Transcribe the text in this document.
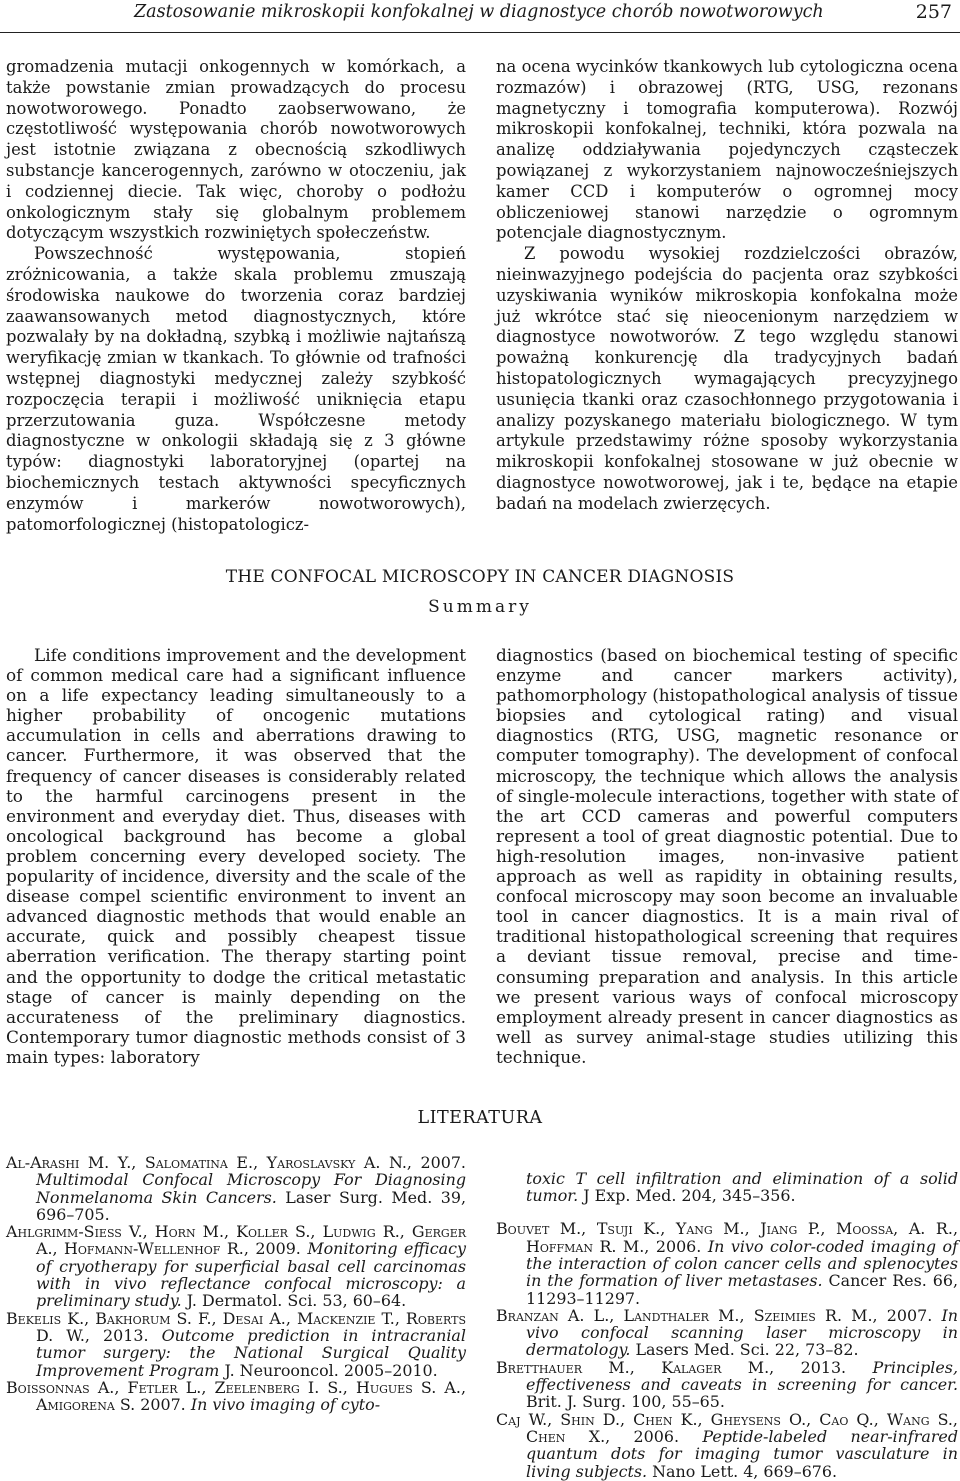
Zastosowanie mikroskopii konfokalnej w diagnostyce chorób nowotworowych	257

gromadzenia mutacji onkogennych w komórkach, a także powstanie zmian prowadzących do procesu nowotworowego. Ponadto zaobserwowano, że częstotliwość występowania chorób nowotworowych jest istotnie związana z obecnością szkodliwych substancje kancerogennych, zarówno w otoczeniu, jak i codziennej diecie. Tak więc, choroby o podłożu onkologicznym stały się globalnym problemem dotyczącym wszystkich rozwiniętych społeczeństw.

Powszechność występowania, stopień zróżnicowania, a także skala problemu zmuszają środowiska naukowe do tworzenia coraz bardziej zaawansowanych metod diagnostycznych, które pozwalały by na dokładną, szybką i możliwie najtańszą weryfikację zmian w tkankach. To głównie od trafności wstępnej diagnostyki medycznej zależy szybkość rozpoczęcia terapii i możliwość uniknięcia etapu przerzutowania guza. Współczesne metody diagnostyczne w onkologii składają się z 3 główne typów: diagnostyki laboratoryjnej (opartej na biochemicznych testach aktywności specyficznych enzymów i markerów nowotworowych), patomorfologicznej (histopatologicz-

na ocena wycinków tkankowych lub cytologiczna ocena rozmazów) i obrazowej (RTG, USG, rezonans magnetyczny i tomografia komputerowa). Rozwój mikroskopii konfokalnej, techniki, która pozwala na analizę oddziaływania pojedynczych cząsteczek powiązanej z wykorzystaniem najnowocześniejszych kamer CCD i komputerów o ogromnej mocy obliczeniowej stanowi narzędzie o ogromnym potencjale diagnostycznym.

Z powodu wysokiej rozdzielczości obrazów, nieinwazyjnego podejścia do pacjenta oraz szybkości uzyskiwania wyników mikroskopia konfokalna może już wkrótce stać się nieocenionym narzędziem w diagnostyce nowotworów. Z tego względu stanowi poważną konkurencję dla tradycyjnych badań histopatologicznych wymagających precyzyjnego usunięcia tkanki oraz czasochłonnego przygotowania i analizy pozyskanego materiału biologicznego. W tym artykule przedstawimy różne sposoby wykorzystania mikroskopii konfokalnej stosowane w już obecnie w diagnostyce nowotworowej, jak i te, będące na etapie badań na modelach zwierzęcych.

THE CONFOCAL MICROSCOPY IN CANCER DIAGNOSIS
Summary

Life conditions improvement and the development of common medical care had a significant influence on a life expectancy leading simultaneously to a higher probability of oncogenic mutations accumulation in cells and aberrations drawing to cancer. Furthermore, it was observed that the frequency of cancer diseases is considerably related to the harmful carcinogens present in the environment and everyday diet. Thus, diseases with oncological background has become a global problem concerning every developed society. The popularity of incidence, diversity and the scale of the disease compel scientific environment to invent an advanced diagnostic methods that would enable an accurate, quick and possibly cheapest tissue aberration verification. The therapy starting point and the opportunity to dodge the critical metastatic stage of cancer is mainly depending on the accurateness of the preliminary diagnostics. Contemporary tumor diagnostic methods consist of 3 main types: laboratory

diagnostics (based on biochemical testing of specific enzyme and cancer markers activity), pathomorphology (histopathological analysis of tissue biopsies and cytological rating) and visual diagnostics (RTG, USG, magnetic resonance or computer tomography). The development of confocal microscopy, the technique which allows the analysis of single-molecule interactions, together with state of the art CCD cameras and powerful computers represent a tool of great diagnostic potential. Due to high-resolution images, non-invasive patient approach as well as rapidity in obtaining results, confocal microscopy may soon become an invaluable tool in cancer diagnostics. It is a main rival of traditional histopathological screening that requires a deviant tissue removal, precise and time-consuming preparation and analysis. In this article we present various ways of confocal microscopy employment already present in cancer diagnostics as well as survey animal-stage studies utilizing this technique.

LITERATURA

Al-Arashi M. Y., Salomatina E., Yaroslavsky A. N., 2007. Multimodal Confocal Microscopy For Diagnosing Nonmelanoma Skin Cancers. Laser Surg. Med. 39, 696–705.

Ahlgrimm-Siess V., Horn M., Koller S., Ludwig R., Gerger A., Hofmann-Wellenhof R., 2009. Monitoring efficacy of cryotherapy for superficial basal cell carcinomas with in vivo reflectance confocal microscopy: a preliminary study. J. Dermatol. Sci. 53, 60–64.

Bekelis K., Bakhorum S. F., Desai A., Mackenzie T., Roberts D. W., 2013. Outcome prediction in intracranial tumor surgery: the National Surgical Quality Improvement Program J. Neurooncol. 2005–2010.

Boissonnas A., Fetler L., Zeelenberg I. S., Hugues S. A., Amigorena S. 2007. In vivo imaging of cyto-

toxic T cell infiltration and elimination of a solid tumor. J Exp. Med. 204, 345–356.

Bouvet M., Tsuji K., Yang M., Jiang P., Moossa, A. R., Hoffman R. M., 2006. In vivo color-coded imaging of the interaction of colon cancer cells and splenocytes in the formation of liver metastases. Cancer Res. 66, 11293–11297.

Branzan A. L., Landthaler M., Szeimies R. M., 2007. In vivo confocal scanning laser microscopy in dermatology. Lasers Med. Sci. 22, 73–82.

Bretthauer M., Kalager M., 2013. Principles, effectiveness and caveats in screening for cancer. Brit. J. Surg. 100, 55–65.

Caj W., Shin D., Chen K., Gheysens O., Cao Q., Wang S., Chen X., 2006. Peptide-labeled near-infrared quantum dots for imaging tumor vasculature in living subjects. Nano Lett. 4, 669–676.
